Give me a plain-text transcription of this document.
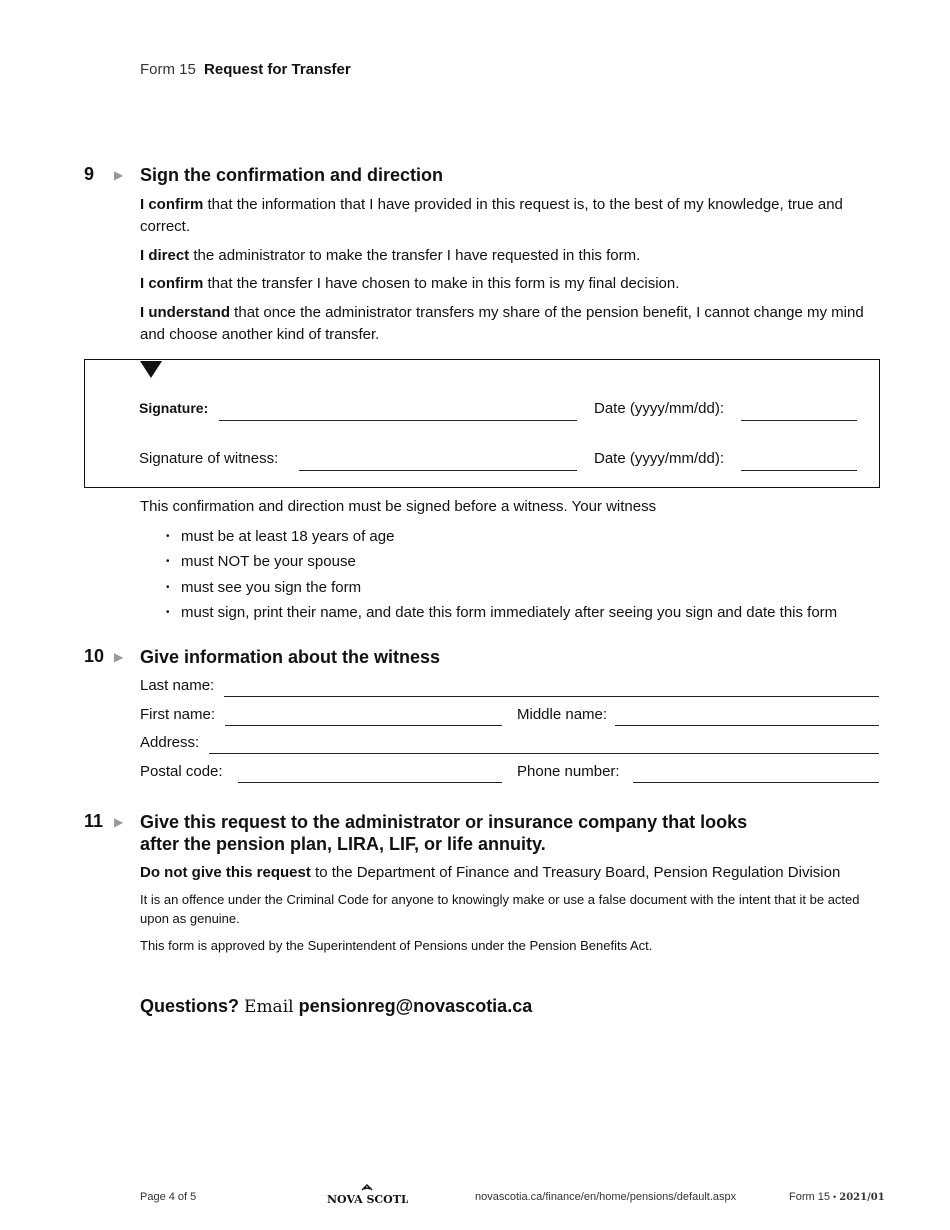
Form 15 Request for Transfer
9 ▶ Sign the confirmation and direction
I confirm that the information that I have provided in this request is, to the best of my knowledge, true and correct.
I direct the administrator to make the transfer I have requested in this form.
I confirm that the transfer I have chosen to make in this form is my final decision.
I understand that once the administrator transfers my share of the pension benefit, I cannot change my mind and choose another kind of transfer.
Signature:	Date (yyyy/mm/dd):
Signature of witness:	Date (yyyy/mm/dd):
This confirmation and direction must be signed before a witness. Your witness
• must be at least 18 years of age
• must NOT be your spouse
• must see you sign the form
• must sign, print their name, and date this form immediately after seeing you sign and date this form
10 ▶ Give information about the witness
Last name:
First name:	Middle name:
Address:
Postal code:	Phone number:
11 ▶ Give this request to the administrator or insurance company that looks
after the pension plan, LIRA, LIF, or life annuity.
Do not give this request to the Department of Finance and Treasury Board, Pension Regulation Division
It is an offence under the Criminal Code for anyone to knowingly make or use a false document with the intent that it be acted upon as genuine.
This form is approved by the Superintendent of Pensions under the Pension Benefits Act.
Questions? Email pensionreg@novascotia.ca
Page 4 of 5	NOVA SCOTIA	novascotia.ca/finance/en/home/pensions/default.aspx	Form 15 • 2021/01
